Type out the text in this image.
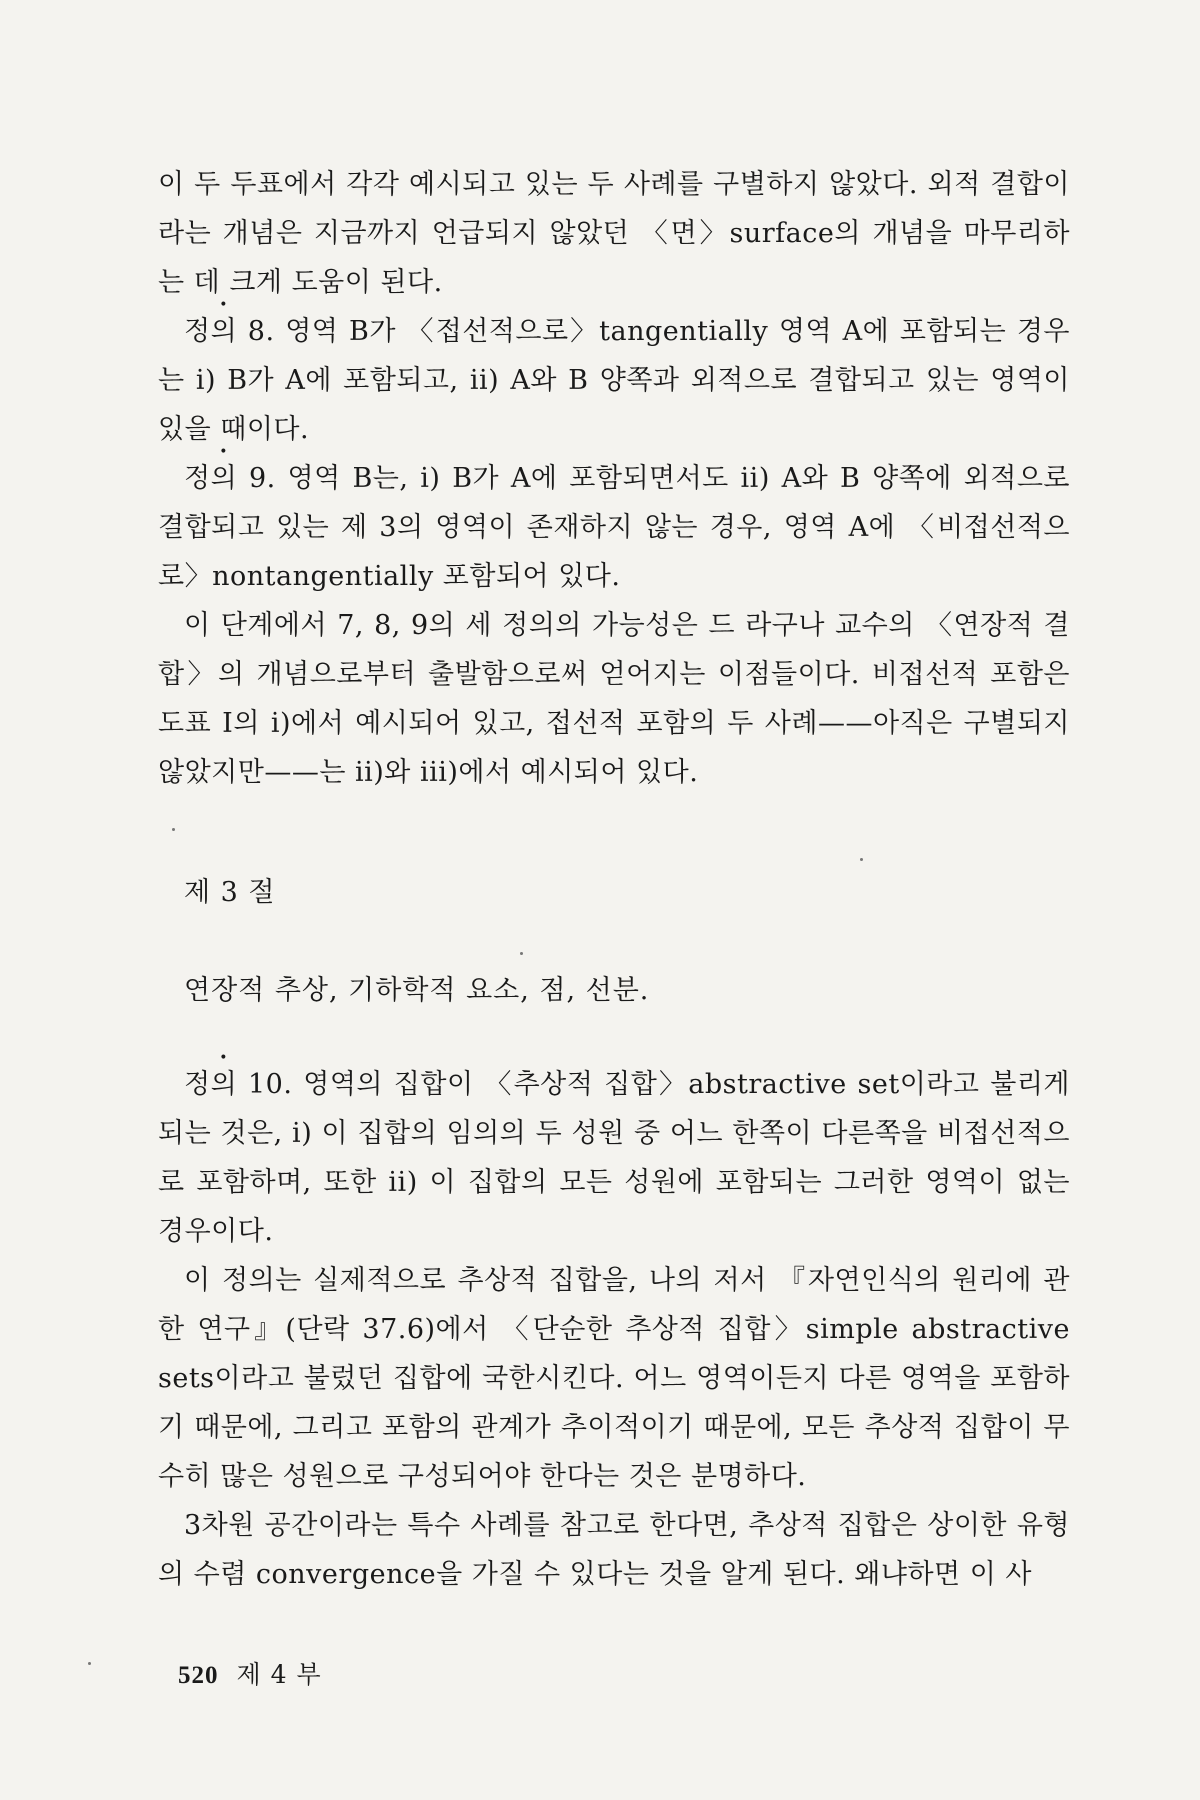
이 두 두표에서 각각 예시되고 있는 두 사례를 구별하지 않았다. 외적 결합이라는 개념은 지금까지 언급되지 않았던 〈면〉surface의 개념을 마무리하는 데 크게 도움이 된다.

정의 8. 영역 B가 〈접선적으로〉tangentially 영역 A에 포함되는 경우는 i) B가 A에 포함되고, ii) A와 B 양쪽과 외적으로 결합되고 있는 영역이 있을 때이다.

정의 9. 영역 B는, i) B가 A에 포함되면서도 ii) A와 B 양쪽에 외적으로 결합되고 있는 제 3의 영역이 존재하지 않는 경우, 영역 A에 〈비접선적으로〉nontangentially 포함되어 있다.

이 단계에서 7, 8, 9의 세 정의의 가능성은 드 라구나 교수의 〈연장적 결합〉의 개념으로부터 출발함으로써 얻어지는 이점들이다. 비접선적 포함은 도표 I의 i)에서 예시되어 있고, 접선적 포함의 두 사례——아직은 구별되지 않았지만——는 ii)와 iii)에서 예시되어 있다.

제 3 절
연장적 추상, 기하학적 요소, 점, 선분.

정의 10. 영역의 집합이 〈추상적 집합〉abstractive set이라고 불리게 되는 것은, i) 이 집합의 임의의 두 성원 중 어느 한쪽이 다른쪽을 비접선적으로 포함하며, 또한 ii) 이 집합의 모든 성원에 포함되는 그러한 영역이 없는 경우이다.

이 정의는 실제적으로 추상적 집합을, 나의 저서 『자연인식의 원리에 관한 연구』(단락 37.6)에서 〈단순한 추상적 집합〉simple abstractive sets이라고 불렀던 집합에 국한시킨다. 어느 영역이든지 다른 영역을 포함하기 때문에, 그리고 포함의 관계가 추이적이기 때문에, 모든 추상적 집합이 무수히 많은 성원으로 구성되어야 한다는 것은 분명하다.

3차원 공간이라는 특수 사례를 참고로 한다면, 추상적 집합은 상이한 유형의 수렴 convergence을 가질 수 있다는 것을 알게 된다. 왜냐하면 이 사

520 제 4 부
